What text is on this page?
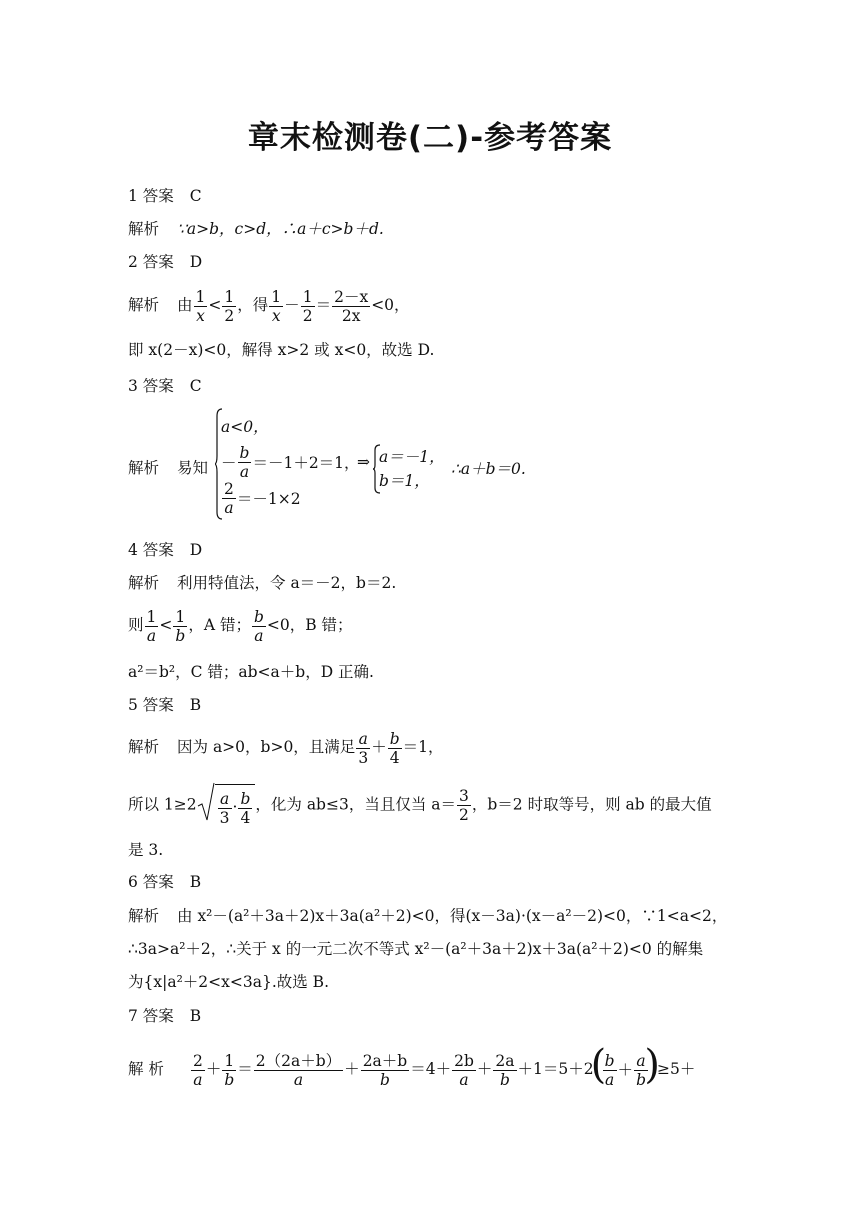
章末检测卷(二)-参考答案
1 答案 C
解析 ∵a>b，c>d，∴a＋c>b＋d.
2 答案 D
解析 由 $\frac{1}{x} < \frac{1}{2}$ ，得 $\frac{1}{x} - \frac{1}{2} = \frac{2-x}{2x} <0$，
即 x(2－x)<0，解得 x>2 或 x<0，故选 D.
3 答案 C
解析 易知
a<0，
－ $\frac{b}{a} =-1+2=1$，
$\frac{2}{a} =-1\times 2$
⇒ a＝－1，
b＝1，
∴a＋b＝0.
4 答案 D
解析 利用特值法，令 a＝－2，b＝2.
则 $\frac{1}{a} < \frac{1}{b}$ ，A 错； $\frac{b}{a} <0$，B 错；
a²＝b²，C 错；ab<a＋b，D 正确.
5 答案 B
解析 因为 a>0，b>0，且满足 $\frac{a}{3} + \frac{b}{4} =1$，
所以 $1\ge 2 \frac{a}{3} \cdot \frac{b}{4}$ ，化为 ab≤3，当且仅当 $a= \frac{3}{2}$ ，b＝2 时取等号，则 ab 的最大值
是 3.
6 答案 B
解析 由 x²－(a²＋3a＋2)x＋3a(a²＋2)<0，得(x－3a)·(x－a²－2)<0，∵1<a<2，
∴3a>a²＋2，∴关于 x 的一元二次不等式 x²－(a²＋3a＋2)x＋3a(a²＋2)<0 的解集
为{x|a²＋2<x<3a}.故选 B.
7 答案 B
解 析 $\frac{2}{a} + \frac{1}{b} = \frac{2(2a+b)}{a} + \frac{2a+b}{b} =4+ \frac{2b}{a} + \frac{2a}{b} +1=5+2$
(
$\frac{b}{a} + \frac{a}{b}$
)
≥5＋
